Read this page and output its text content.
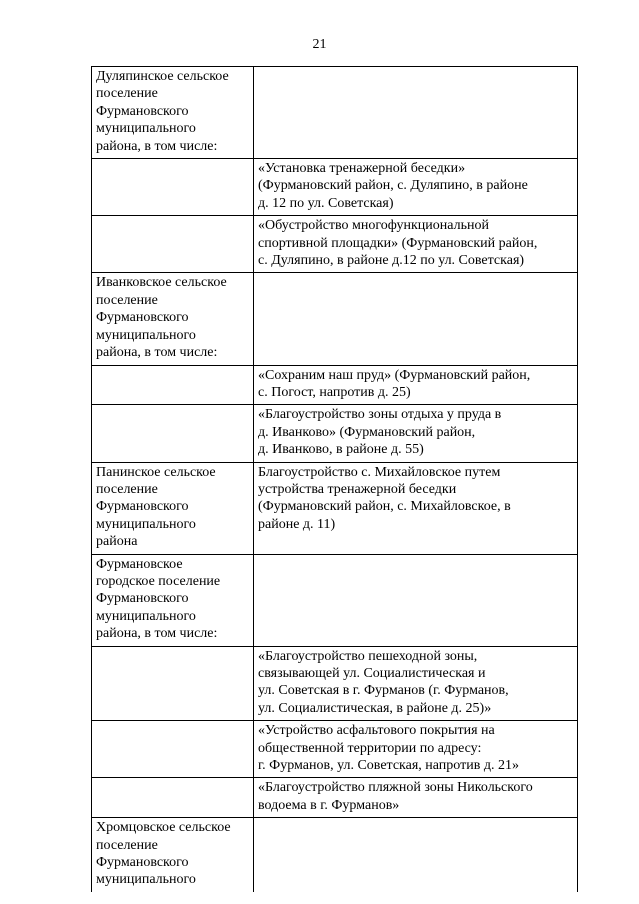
21
Дуляпинское сельское
поселение
Фурмановского
муниципального
района, в том числе:	
	«Установка тренажерной беседки»
(Фурмановский район, с. Дуляпино, в районе
д. 12 по ул. Советская)
	«Обустройство многофункциональной
спортивной площадки» (Фурмановский район,
с. Дуляпино, в районе д.12 по ул. Советская)
Иванковское сельское
поселение
Фурмановского
муниципального
района, в том числе:	
	«Сохраним наш пруд» (Фурмановский район,
с. Погост, напротив д. 25)
	«Благоустройство зоны отдыха у пруда в
д. Иванково» (Фурмановский район,
д. Иванково, в районе д. 55)
Панинское сельское
поселение
Фурмановского
муниципального
района	Благоустройство с. Михайловское путем
устройства тренажерной беседки
(Фурмановский район, с. Михайловское, в
районе д. 11)
Фурмановское
городское поселение
Фурмановского
муниципального
района, в том числе:	
	«Благоустройство пешеходной зоны,
связывающей ул. Социалистическая и
ул. Советская в г. Фурманов (г. Фурманов,
ул. Социалистическая, в районе д. 25)»
	«Устройство асфальтового покрытия на
общественной территории по адресу:
г. Фурманов, ул. Советская, напротив д. 21»
	«Благоустройство пляжной зоны Никольского
водоема в г. Фурманов»
Хромцовское сельское
поселение
Фурмановского
муниципального	
